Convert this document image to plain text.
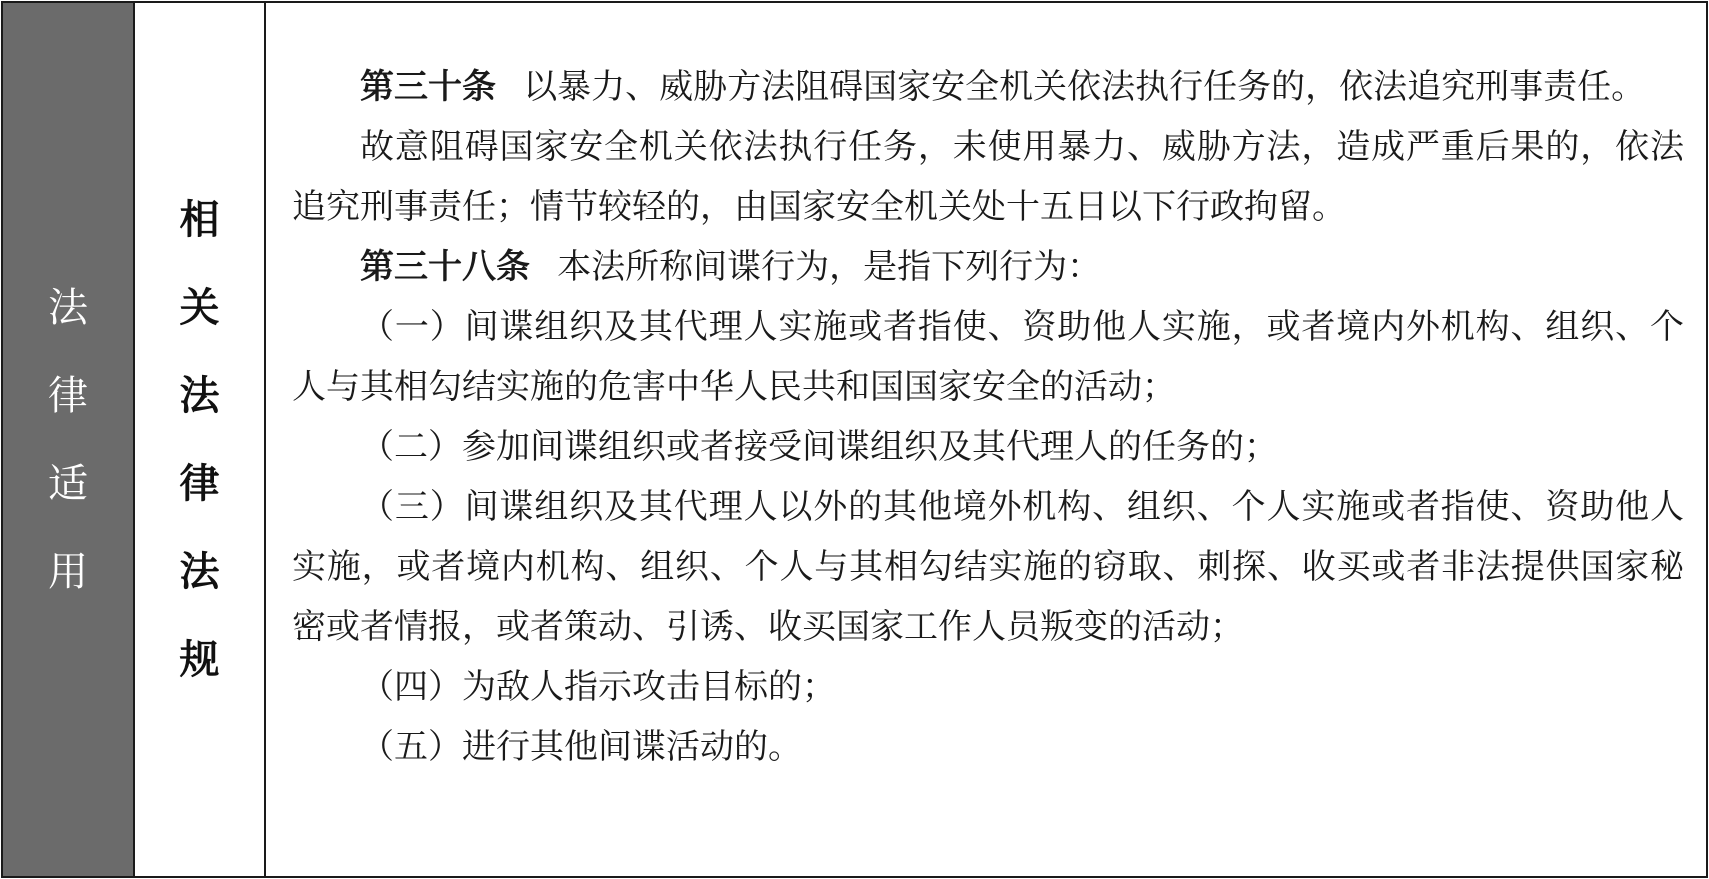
法
律
适
用
相
关
法
律
法
规

第三十条 以暴力、威胁方法阻碍国家安全机关依法执行任务的，依法追究刑事责任。

故意阻碍国家安全机关依法执行任务，未使用暴力、威胁方法，造成严重后果的，依法追究刑事责任；情节较轻的，由国家安全机关处十五日以下行政拘留。

第三十八条 本法所称间谍行为，是指下列行为：

（一）间谍组织及其代理人实施或者指使、资助他人实施，或者境内外机构、组织、个人与其相勾结实施的危害中华人民共和国国家安全的活动；

（二）参加间谍组织或者接受间谍组织及其代理人的任务的；

（三）间谍组织及其代理人以外的其他境外机构、组织、个人实施或者指使、资助他人实施，或者境内机构、组织、个人与其相勾结实施的窃取、刺探、收买或者非法提供国家秘密或者情报，或者策动、引诱、收买国家工作人员叛变的活动；

（四）为敌人指示攻击目标的；

（五）进行其他间谍活动的。
